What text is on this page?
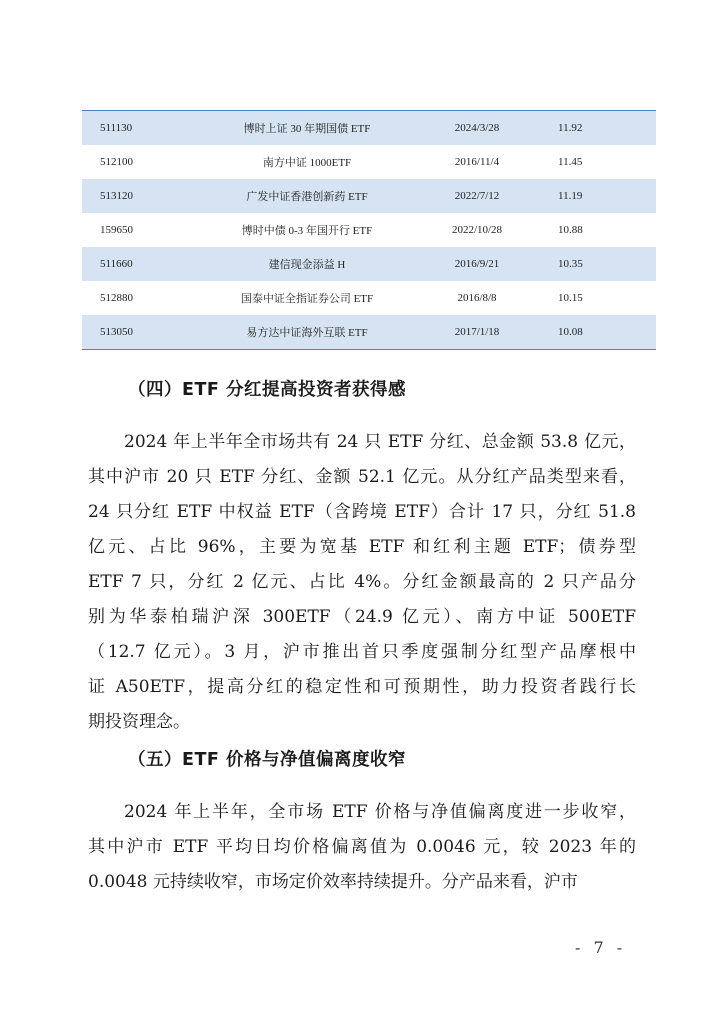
511130	博时上证 30 年期国债 ETF	2024/3/28	11.92
512100	南方中证 1000ETF	2016/11/4	11.45
513120	广发中证香港创新药 ETF	2022/7/12	11.19
159650	博时中债 0-3 年国开行 ETF	2022/10/28	10.88
511660	建信现金添益 H	2016/9/21	10.35
512880	国泰中证全指证券公司 ETF	2016/8/8	10.15
513050	易方达中证海外互联 ETF	2017/1/18	10.08
（四）ETF 分红提高投资者获得感
2024 年上半年全市场共有 24 只 ETF 分红、总金额 53.8 亿元，
其中沪市 20 只 ETF 分红、金额 52.1 亿元。从分红产品类型来看，
24 只分红 ETF 中权益 ETF（含跨境 ETF）合计 17 只，分红 51.8
亿元、占比 96%，主要为宽基 ETF 和红利主题 ETF；债券型
ETF 7 只，分红 2 亿元、占比 4%。分红金额最高的 2 只产品分
别为华泰柏瑞沪深 300ETF（24.9 亿元）、南方中证 500ETF
（12.7 亿元）。3 月，沪市推出首只季度强制分红型产品摩根中
证 A50ETF，提高分红的稳定性和可预期性，助力投资者践行长
期投资理念。
（五）ETF 价格与净值偏离度收窄
2024 年上半年，全市场 ETF 价格与净值偏离度进一步收窄，
其中沪市 ETF 平均日均价格偏离值为 0.0046 元，较 2023 年的
0.0048 元持续收窄，市场定价效率持续提升。分产品来看，沪市
- 7 -
